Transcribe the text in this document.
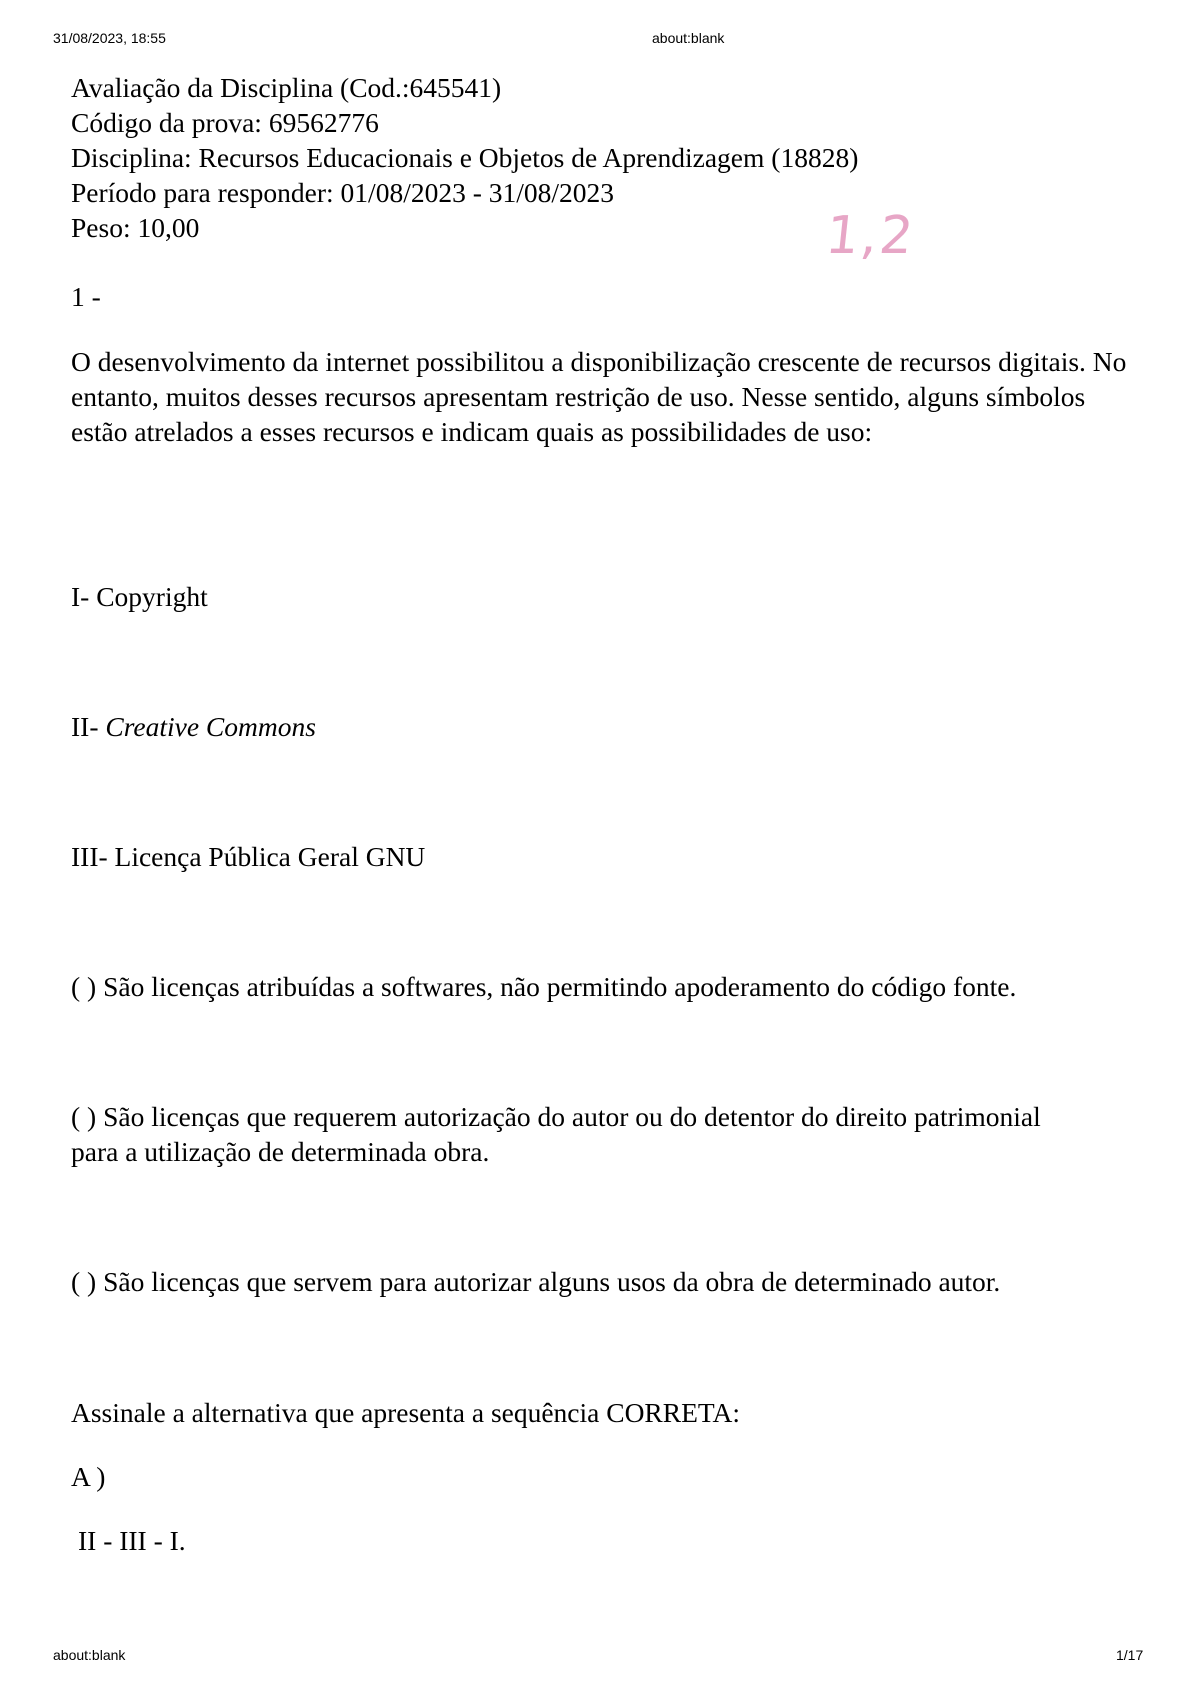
31/08/2023, 18:55	about:blank
Avaliação da Disciplina (Cod.:645541)
Código da prova: 69562776
Disciplina: Recursos Educacionais e Objetos de Aprendizagem (18828)
Período para responder: 01/08/2023 - 31/08/2023
Peso: 10,00	1,2
1 -
O desenvolvimento da internet possibilitou a disponibilização crescente de recursos digitais. No entanto, muitos desses recursos apresentam restrição de uso. Nesse sentido, alguns símbolos estão atrelados a esses recursos e indicam quais as possibilidades de uso:
I- Copyright
II- Creative Commons
III- Licença Pública Geral GNU
( ) São licenças atribuídas a softwares, não permitindo apoderamento do código fonte.
( ) São licenças que requerem autorização do autor ou do detentor do direito patrimonial para a utilização de determinada obra.
( ) São licenças que servem para autorizar alguns usos da obra de determinado autor.
Assinale a alternativa que apresenta a sequência CORRETA:
A )
II - III - I.
about:blank	1/17
